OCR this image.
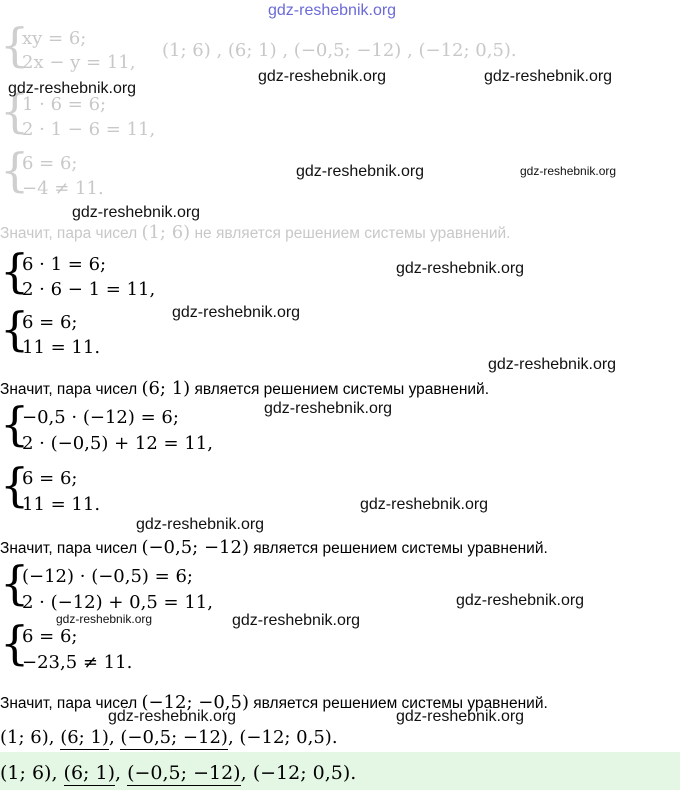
gdz-reshebnik.org
{
xy = 6;
2x − y = 11,
(1; 6) , (6; 1) , (−0,5; −12) , (−12; 0,5).
{
1 · 6 = 6;
2 · 1 − 6 = 11,
{
6 = 6;
−4 ≠ 11.
Значит, пара чисел (1; 6) не является решением системы уравнений.
{
6 · 1 = 6;
2 · 6 − 1 = 11,
{
6 = 6;
11 = 11.
Значит, пара чисел (6; 1) является решением системы уравнений.
{
−0,5 · (−12) = 6;
2 · (−0,5) + 12 = 11,
{
6 = 6;
11 = 11.
Значит, пара чисел (−0,5; −12) является решением системы уравнений.
{
(−12) · (−0,5) = 6;
2 · (−12) + 0,5 = 11,
{
6 = 6;
−23,5 ≠ 11.
Значит, пара чисел (−12; −0,5) является решением системы уравнений.
(1; 6), (6; 1), (−0,5; −12), (−12; 0,5).
(1; 6), (6; 1), (−0,5; −12), (−12; 0,5).
gdz-reshebnik.org	gdz-reshebnik.org
gdz-reshebnik.org
gdz-reshebnik.org	gdz-reshebnik.org
gdz-reshebnik.org
gdz-reshebnik.org
gdz-reshebnik.org
gdz-reshebnik.org
gdz-reshebnik.org
gdz-reshebnik.org
gdz-reshebnik.org
gdz-reshebnik.org
gdz-reshebnik.org	gdz-reshebnik.org
gdz-reshebnik.org	gdz-reshebnik.org
